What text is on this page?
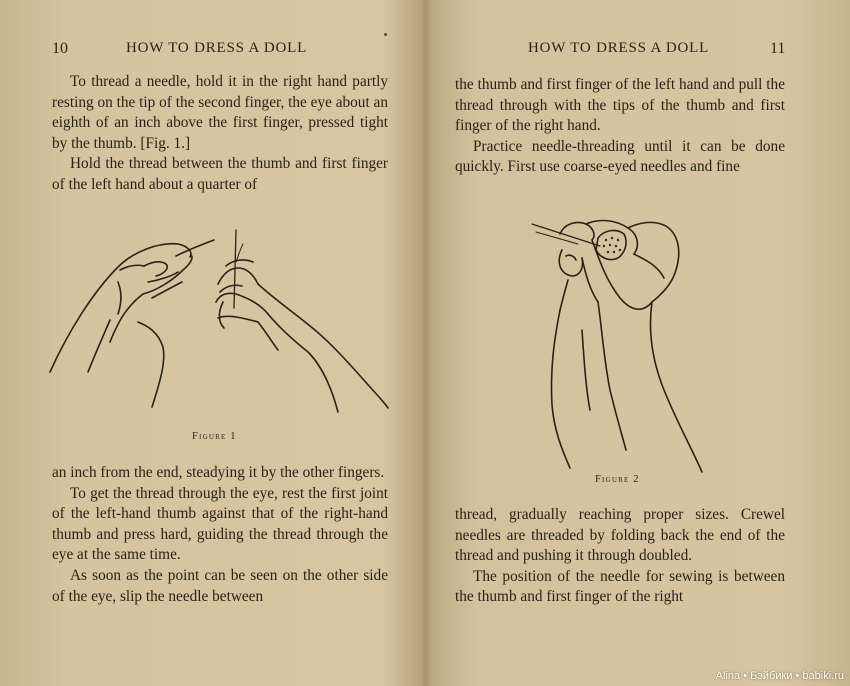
10	HOW TO DRESS A DOLL

To thread a needle, hold it in the right hand partly resting on the tip of the second finger, the eye about an eighth of an inch above the first finger, pressed tight by the thumb. [Fig. 1.]

Hold the thread between the thumb and first finger of the left hand about a quarter of

Figure 1

an inch from the end, steadying it by the other fingers.

To get the thread through the eye, rest the first joint of the left-hand thumb against that of the right-hand thumb and press hard, guiding the thread through the eye at the same time.

As soon as the point can be seen on the other side of the eye, slip the needle between

HOW TO DRESS A DOLL	11

the thumb and first finger of the left hand and pull the thread through with the tips of the thumb and first finger of the right hand.

Practice needle-threading until it can be done quickly. First use coarse-eyed needles and fine

Figure 2

thread, gradually reaching proper sizes. Crewel needles are threaded by folding back the end of the thread and pushing it through doubled.

The position of the needle for sewing is between the thumb and first finger of the right

Alina • Бэйбики • babiki.ru
